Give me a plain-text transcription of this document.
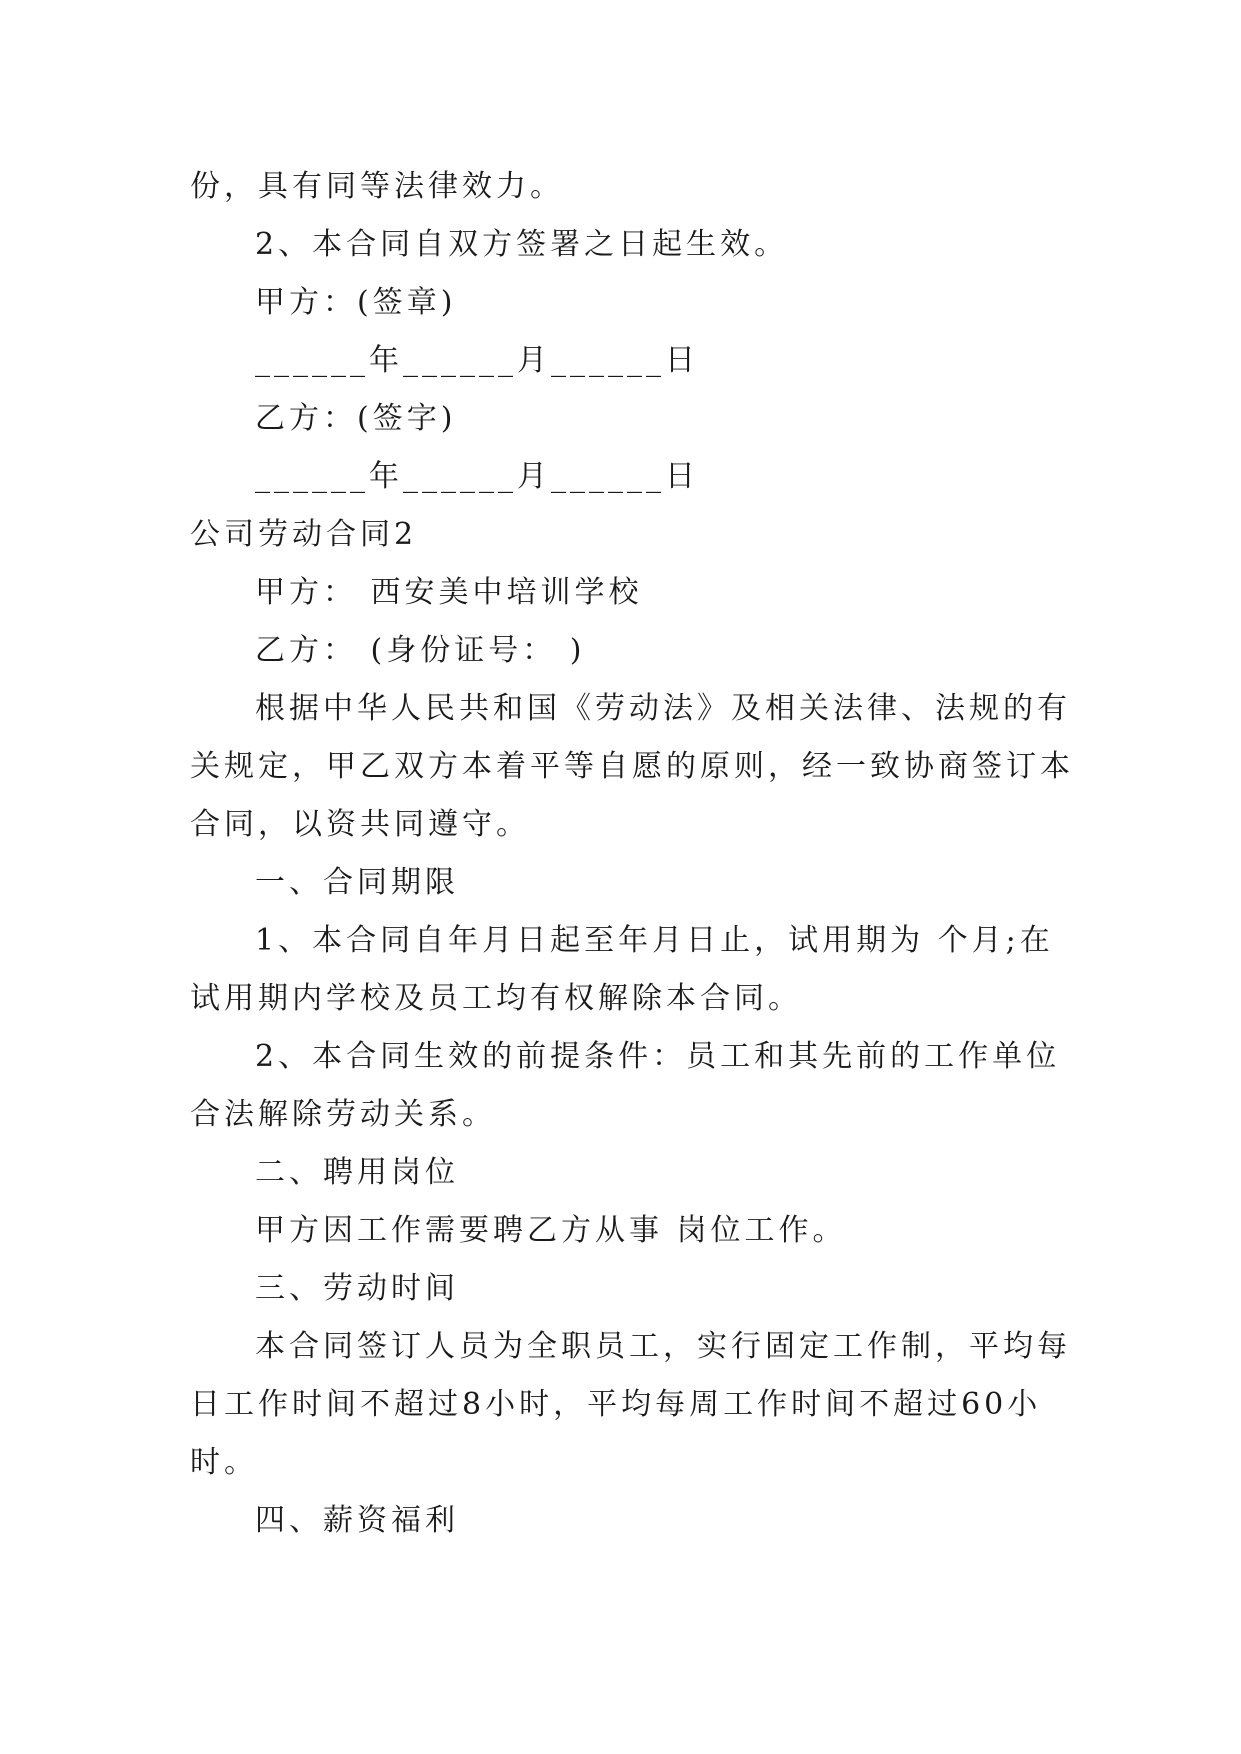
份，具有同等法律效力。
2、本合同自双方签署之日起生效。
甲方：(签章)
______年______月______日
乙方：(签字)
______年______月______日
公司劳动合同2
甲方： 西安美中培训学校
乙方： (身份证号： )
根据中华人民共和国《劳动法》及相关法律、法规的有
关规定，甲乙双方本着平等自愿的原则，经一致协商签订本
合同，以资共同遵守。
一、合同期限
1、本合同自年月日起至年月日止，试用期为 个月;在
试用期内学校及员工均有权解除本合同。
2、本合同生效的前提条件：员工和其先前的工作单位
合法解除劳动关系。
二、聘用岗位
甲方因工作需要聘乙方从事 岗位工作。
三、劳动时间
本合同签订人员为全职员工，实行固定工作制，平均每
日工作时间不超过8小时，平均每周工作时间不超过60小
时。
四、薪资福利
